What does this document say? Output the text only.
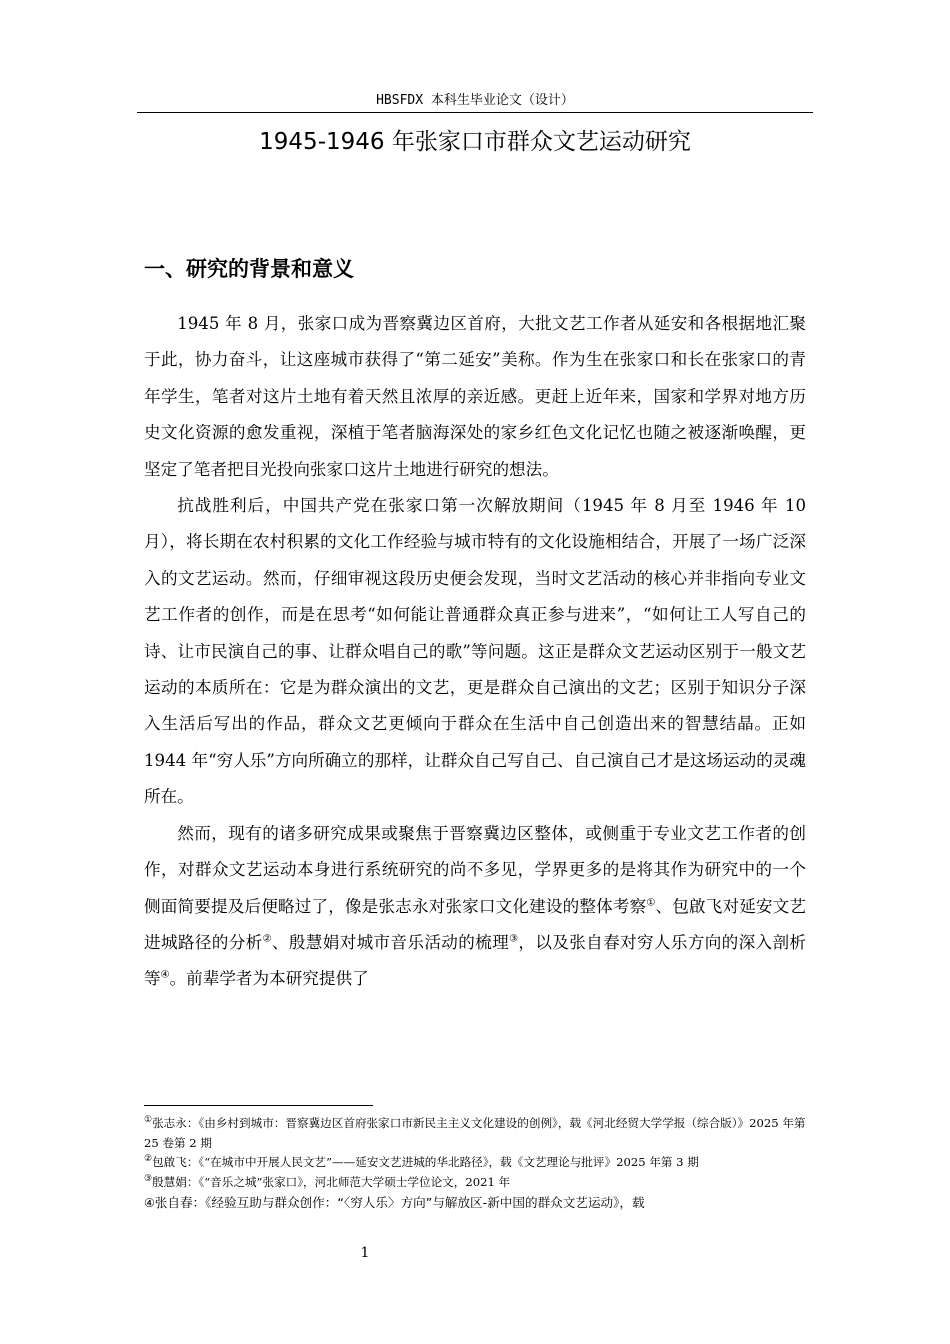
HBSFDX 本科生毕业论文（设计）
1945-1946 年张家口市群众文艺运动研究
一、研究的背景和意义

1945 年 8 月，张家口成为晋察冀边区首府，大批文艺工作者从延安和各根据地汇聚于此，协力奋斗，让这座城市获得了“第二延安”美称。作为生在张家口和长在张家口的青年学生，笔者对这片土地有着天然且浓厚的亲近感。更赶上近年来，国家和学界对地方历史文化资源的愈发重视，深植于笔者脑海深处的家乡红色文化记忆也随之被逐渐唤醒，更坚定了笔者把目光投向张家口这片土地进行研究的想法。

抗战胜利后，中国共产党在张家口第一次解放期间（1945 年 8 月至 1946 年 10 月），将长期在农村积累的文化工作经验与城市特有的文化设施相结合，开展了一场广泛深入的文艺运动。然而，仔细审视这段历史便会发现，当时文艺活动的核心并非指向专业文艺工作者的创作，而是在思考“如何能让普通群众真正参与进来”，“如何让工人写自己的诗、让市民演自己的事、让群众唱自己的歌”等问题。这正是群众文艺运动区别于一般文艺运动的本质所在：它是为群众演出的文艺，更是群众自己演出的文艺；区别于知识分子深入生活后写出的作品，群众文艺更倾向于群众在生活中自己创造出来的智慧结晶。正如 1944 年“穷人乐”方向所确立的那样，让群众自己写自己、自己演自己才是这场运动的灵魂所在。

然而，现有的诸多研究成果或聚焦于晋察冀边区整体，或侧重于专业文艺工作者的创作，对群众文艺运动本身进行系统研究的尚不多见，学界更多的是将其作为研究中的一个侧面简要提及后便略过了，像是张志永对张家口文化建设的整体考察①、包啟飞对延安文艺进城路径的分析②、殷慧娟对城市音乐活动的梳理③，以及张自春对穷人乐方向的深入剖析等④。前辈学者为本研究提供了

①张志永：《由乡村到城市：晋察冀边区首府张家口市新民主主义文化建设的创例》，载《河北经贸大学学报（综合版）》2025 年第 25 卷第 2 期

②包啟飞：《“在城市中开展人民文艺”——延安文艺进城的华北路径》，载《文艺理论与批评》2025 年第 3 期

③殷慧娟：《“音乐之城”张家口》，河北师范大学硕士学位论文，2021 年

④张自春：《经验互助与群众创作：“〈穷人乐〉方向”与解放区-新中国的群众文艺运动》，载

1
